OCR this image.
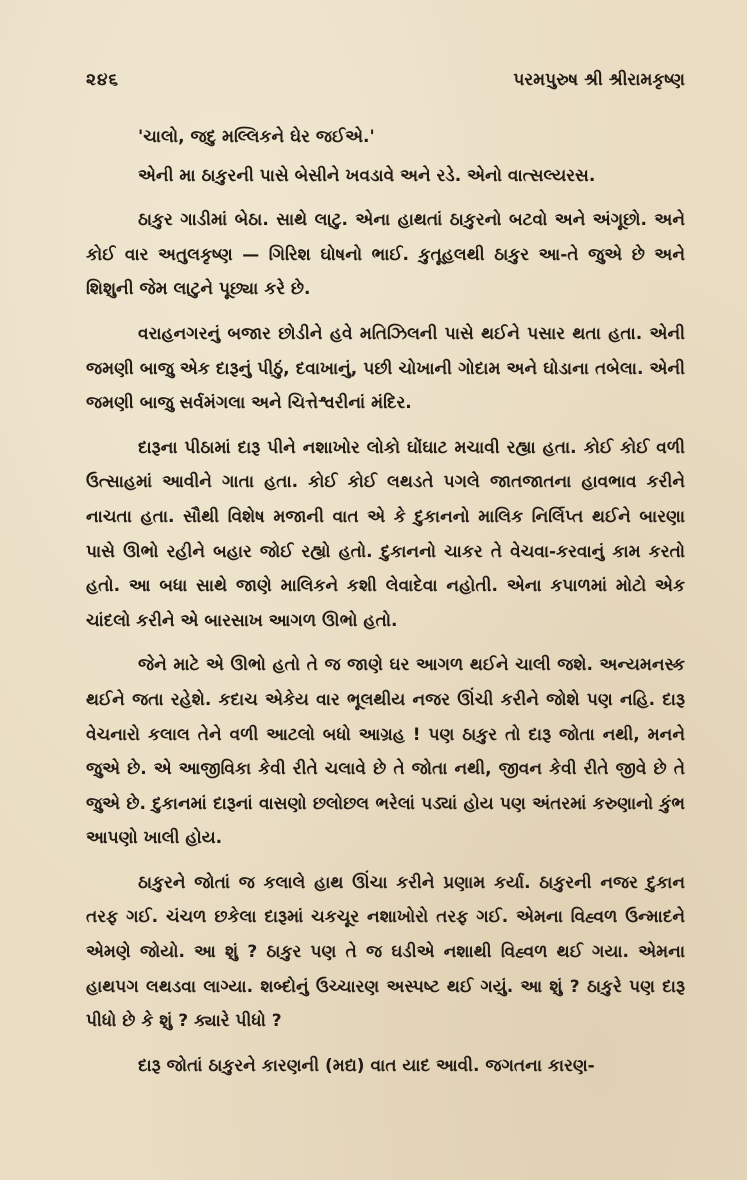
૨૪૬	પરમપુરુષ શ્રી શ્રીરામકૃષ્ણ

'ચાલો, જદુ મલ્લિકને ઘેર જઈએ.'

એની મા ઠાકુરની પાસે બેસીને ખવડાવે અને રડે. એનો વાત્સલ્યરસ.

ઠાકુર ગાડીમાં બેઠા. સાથે લાટુ. એના હાથતાં ઠાકુરનો બટવો અને અંગૂછો. અને કોઈ વાર અતુલકૃષ્ણ — ગિરિશ ઘોષનો ભાઈ. કુતૂહલથી ઠાકુર આ-તે જુએ છે અને શિશુની જેમ લાટુને પૂછ્યા કરે છે.

વરાહનગરનું બજાર છોડીને હવે મતિઝિલની પાસે થઈને પસાર થતા હતા. એની જમણી બાજુ એક દારૂનું પીઠું, દવાખાનું, પછી ચોખાની ગોદામ અને ઘોડાના તબેલા. એની જમણી બાજુ સર્વમંગલા અને ચિત્તેશ્વરીનાં મંદિર.

દારૂના પીઠામાં દારૂ પીને નશાખોર લોકો ઘોંઘાટ મચાવી રહ્યા હતા. કોઈ કોઈ વળી ઉત્સાહમાં આવીને ગાતા હતા. કોઈ કોઈ લથડતે પગલે જાતજાતના હાવભાવ કરીને નાચતા હતા. સૌથી વિશેષ મજાની વાત એ કે દુકાનનો માલિક નિર્લિપ્ત થઈને બારણા પાસે ઊભો રહીને બહાર જોઈ રહ્યો હતો. દુકાનનો ચાકર તે વેચવા-કરવાનું કામ કરતો હતો. આ બધા સાથે જાણે માલિકને કશી લેવાદેવા નહોતી. એના કપાળમાં મોટો એક ચાંદલો કરીને એ બારસાખ આગળ ઊભો હતો.

જેને માટે એ ઊભો હતો તે જ જાણે ઘર આગળ થઈને ચાલી જશે. અન્યમનસ્ક થઈને જતા રહેશે. કદાચ એકેય વાર ભૂલથીય નજર ઊંચી કરીને જોશે પણ નહિ. દારૂ વેચનારો કલાલ તેને વળી આટલો બધો આગ્રહ ! પણ ઠાકુર તો દારૂ જોતા નથી, મનને જુએ છે. એ આજીવિકા કેવી રીતે ચલાવે છે તે જોતા નથી, જીવન કેવી રીતે જીવે છે તે જુએ છે. દુકાનમાં દારૂનાં વાસણો છલોછલ ભરેલાં પડ્યાં હોય પણ અંતરમાં કરુણાનો કુંભ આપણો ખાલી હોય.

ઠાકુરને જોતાં જ કલાલે હાથ ઊંચા કરીને પ્રણામ કર્યા. ઠાકુરની નજર દુકાન તરફ ગઈ. ચંચળ છકેલા દારૂમાં ચકચૂર નશાખોરો તરફ ગઈ. એમના વિહ્વળ ઉન્માદને એમણે જોયો. આ શું ? ઠાકુર પણ તે જ ઘડીએ નશાથી વિહ્વળ થઈ ગયા. એમના હાથપગ લથડવા લાગ્યા. શબ્દોનું ઉચ્ચારણ અસ્પષ્ટ થઈ ગયું. આ શું ? ઠાકુરે પણ દારૂ પીધો છે કે શું ? ક્યારે પીધો ?

દારૂ જોતાં ઠાકુરને કારણની (મદ્ય) વાત યાદ આવી. જગતના કારણ-
